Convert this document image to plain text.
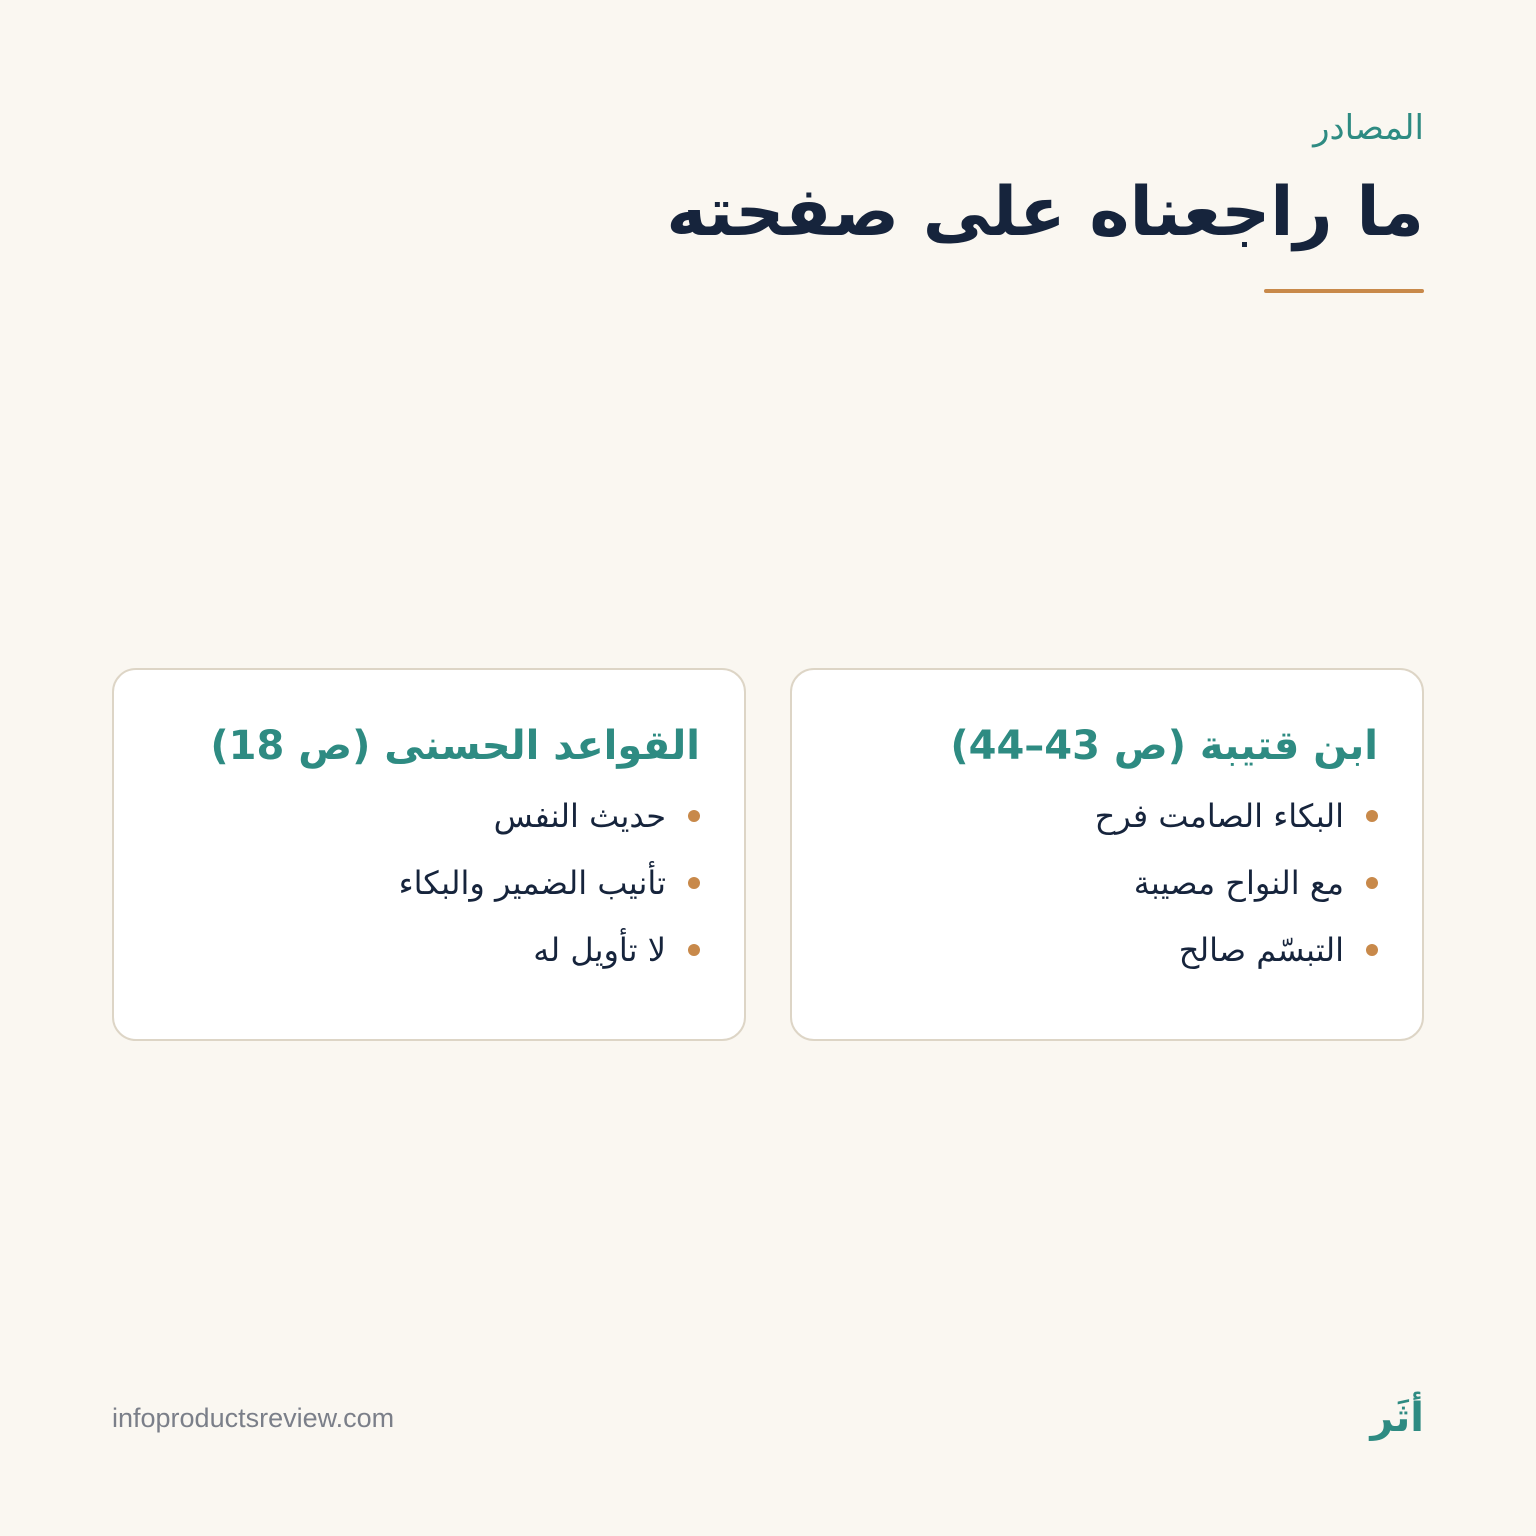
المصادر
ما راجعناه على صفحته
ابن قتيبة (ص 43–44)
البكاء الصامت فرح
مع النواح مصيبة
التبسّم صالح
القواعد الحسنى (ص 18)
حديث النفس
تأنيب الضمير والبكاء
لا تأويل له
infoproductsreview.com	أثَر
